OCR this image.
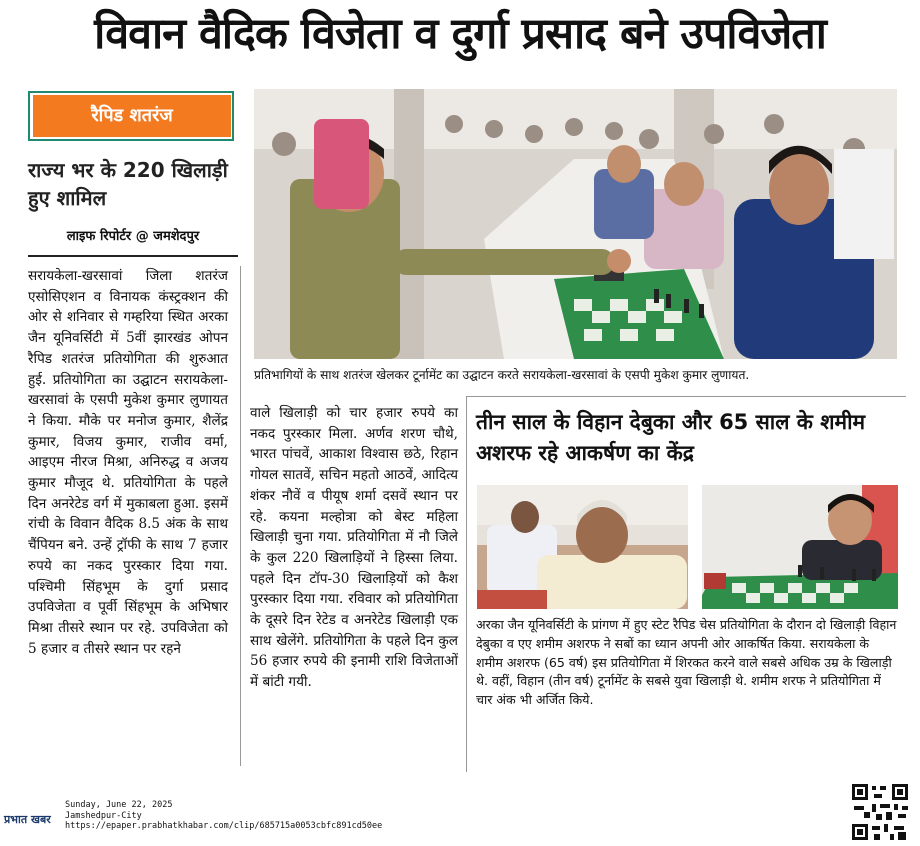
विवान वैदिक विजेता व दुर्गा प्रसाद बने उपविजेता
रैपिड शतरंज
राज्य भर के 220 खिलाड़ी हुए शामिल
लाइफ रिपोर्टर @ जमशेदपुर
सरायकेला-खरसावां जिला शतरंज एसोसिएशन व विनायक कंस्ट्रक्शन की ओर से शनिवार से गम्हरिया स्थित अरका जैन यूनिवर्सिटी में 5वीं झारखंड ओपन रैपिड शतरंज प्रतियोगिता की शुरुआत हुई. प्रतियोगिता का उद्घाटन सरायकेला-खरसावां के एसपी मुकेश कुमार लुणायत ने किया. मौके पर मनोज कुमार, शैलेंद्र कुमार, विजय कुमार, राजीव वर्मा, आइएम नीरज मिश्रा, अनिरुद्ध व अजय कुमार मौजूद थे. प्रतियोगिता के पहले दिन अनरेटेड वर्ग में मुकाबला हुआ. इसमें रांची के विवान वैदिक 8.5 अंक के साथ चैंपियन बने. उन्हें ट्रॉफी के साथ 7 हजार रुपये का नकद पुरस्कार दिया गया. पश्चिमी सिंहभूम के दुर्गा प्रसाद उपविजेता व पूर्वी सिंहभूम के अभिषार मिश्रा तीसरे स्थान पर रहे. उपविजेता को 5 हजार व तीसरे स्थान पर रहने
वाले खिलाड़ी को चार हजार रुपये का नकद पुरस्कार मिला. अर्णव शरण चौथे, भारत पांचवें, आकाश विश्वास छठे, रिहान गोयल सातवें, सचिन महतो आठवें, आदित्य शंकर नौवें व पीयूष शर्मा दसवें स्थान पर रहे. कयना मल्होत्रा को बेस्ट महिला खिलाड़ी चुना गया. प्रतियोगिता में नौ जिले के कुल 220 खिलाड़ियों ने हिस्सा लिया. पहले दिन टॉप-30 खिलाड़ियों को कैश पुरस्कार दिया गया. रविवार को प्रतियोगिता के दूसरे दिन रेटेड व अनरेटेड खिलाड़ी एक साथ खेलेंगे. प्रतियोगिता के पहले दिन कुल 56 हजार रुपये की इनामी राशि विजेताओं में बांटी गयी.
प्रतिभागियों के साथ शतरंज खेलकर टूर्नामेंट का उद्घाटन करते सरायकेला-खरसावां के एसपी मुकेश कुमार लुणायत.
तीन साल के विहान देबुका और 65 साल के शमीम अशरफ रहे आकर्षण का केंद्र
अरका जैन यूनिवर्सिटी के प्रांगण में हुए स्टेट रैपिड चेस प्रतियोगिता के दौरान दो खिलाड़ी विहान देबुका व एए शमीम अशरफ ने सबों का ध्यान अपनी ओर आकर्षित किया. सरायकेला के शमीम अशरफ (65 वर्ष) इस प्रतियोगिता में शिरकत करने वाले सबसे अधिक उम्र के खिलाड़ी थे. वहीं, विहान (तीन वर्ष) टूर्नामेंट के सबसे युवा खिलाड़ी थे. शमीम शरफ ने प्रतियोगिता में चार अंक भी अर्जित किये.
प्रभात खबर
Sunday, June 22, 2025
Jamshedpur-City
https://epaper.prabhatkhabar.com/clip/685715a0053cbfc891cd50ee
